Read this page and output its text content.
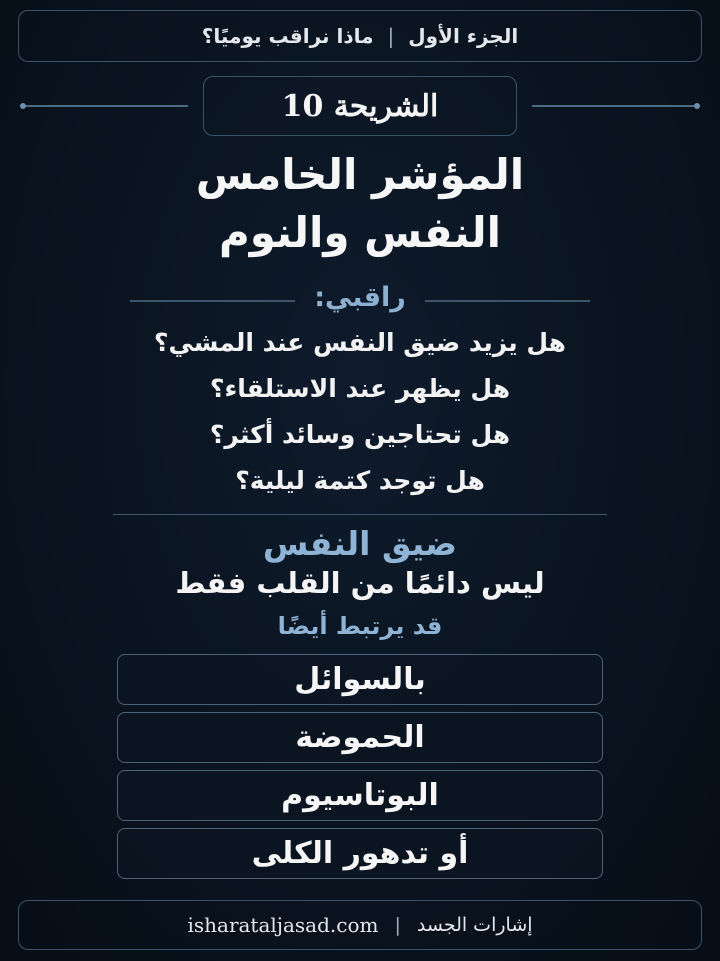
الجزء الأول
|
ماذا نراقب يوميًا؟
الشريحة 10
المؤشر الخامس
النفس والنوم
راقبي:
هل يزيد ضيق النفس عند المشي؟
هل يظهر عند الاستلقاء؟
هل تحتاجين وسائد أكثر؟
هل توجد كتمة ليلية؟
ضيق النفس
ليس دائمًا من القلب فقط
قد يرتبط أيضًا
بالسوائل
الحموضة
البوتاسيوم
أو تدهور الكلى
إشارات الجسد
|
isharataljasad.com
